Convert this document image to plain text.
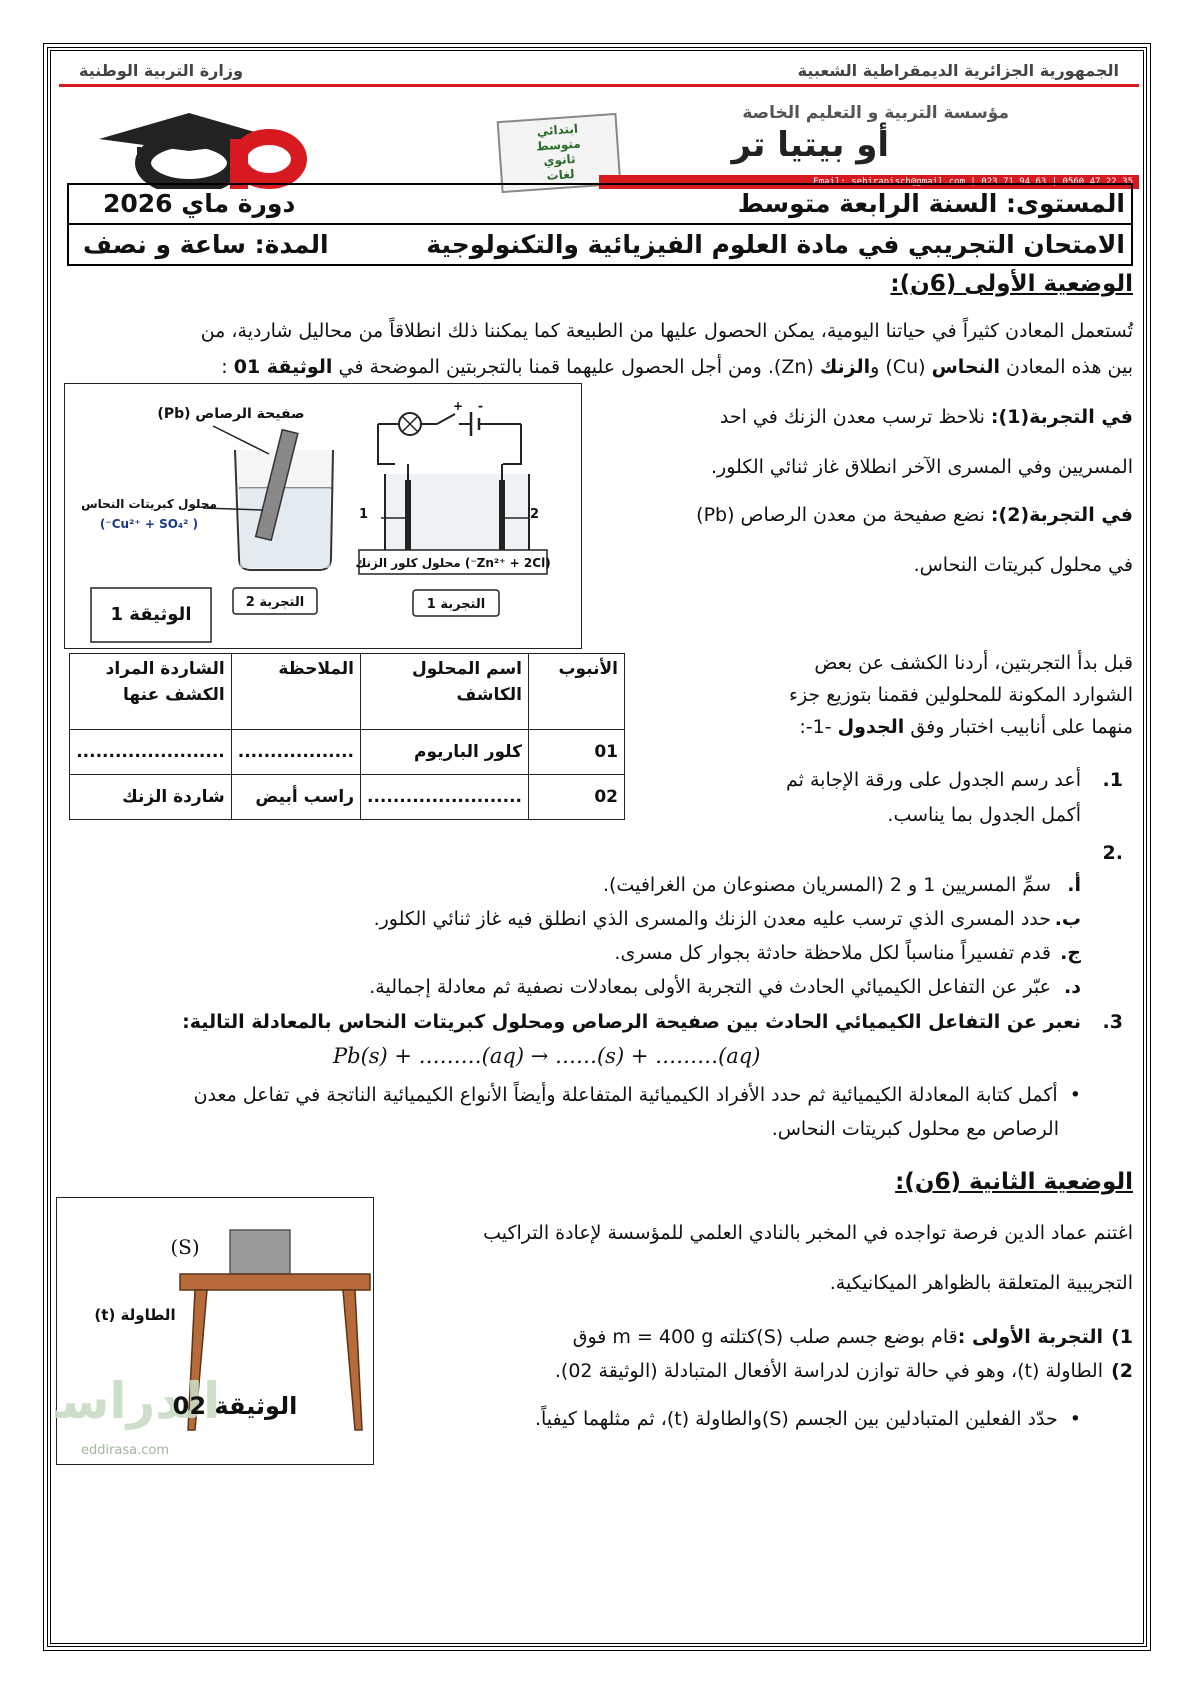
الجمهورية الجزائرية الديمقراطية الشعبية
وزارة التربية الوطنية
مؤسسة التربية و التعليم الخاصة
أو بيتيا تر
ابتدائي
متوسط
ثانوي
لغات	Email: sebiranisch@gmail.com | 023 71 94 63 | 0560 47 22 35
المستوى: السنة الرابعة متوسط
دورة ماي 2026
الامتحان التجريبي في مادة العلوم الفيزيائية والتكنولوجية
المدة: ساعة و نصف
الوضعية الأولى (6ن):
تُستعمل المعادن كثيراً في حياتنا اليومية، يمكن الحصول عليها من الطبيعة كما يمكننا ذلك انطلاقاً من محاليل شاردية، من
بين هذه المعادن النحاس (Cu) والزنك (Zn). ومن أجل الحصول عليهما قمنا بالتجربتين الموضحة في الوثيقة 01 :
في التجربة(1): نلاحظ ترسب معدن الزنك في احد
المسريين وفي المسرى الآخر انطلاق غاز ثنائي الكلور.
في التجربة(2): نضع صفيحة من معدن الرصاص (Pb)
في محلول كبريتات النحاس.
صفيحة الرصاص (Pb)
محلول كبريتات النحاس
( Cu²⁺ + SO₄²⁻)
+ -
1	2
(Zn²⁺ + 2Cl⁻) محلول كلور الزنك
التجربة 2	التجربة 1
الوثيقة 1
الأنبوب	اسم المحلول الكاشف	الملاحظة	الشاردة المراد الكشف عنها
01	كلور الباريوم	..................	.......................
02	........................	راسب أبيض	شاردة الزنك
قبل بدأ التجربتين، أردنا الكشف عن بعض
الشوارد المكونة للمحلولين فقمنا بتوزيع جزء
منهما على أنابيب اختبار وفق الجدول -1-:
1.
أعد رسم الجدول على ورقة الإجابة ثم
أكمل الجدول بما يناسب.
.2
أ.
سمِّ المسريين 1 و 2 (المسريان مصنوعان من الغرافيت).
ب.
حدد المسرى الذي ترسب عليه معدن الزنك والمسرى الذي انطلق فيه غاز ثنائي الكلور.
ج.
قدم تفسيراً مناسباً لكل ملاحظة حادثة بجوار كل مسرى.
د.
عبّر عن التفاعل الكيميائي الحادث في التجربة الأولى بمعادلات نصفية ثم معادلة إجمالية.
3.
نعبر عن التفاعل الكيميائي الحادث بين صفيحة الرصاص ومحلول كبريتات النحاس بالمعادلة التالية:
Pb(s) + ………(aq) → ……(s) + ………(aq)
•  أكمل كتابة المعادلة الكيميائية ثم حدد الأفراد الكيميائية المتفاعلة وأيضاً الأنواع الكيميائية الناتجة في تفاعل معدن
الرصاص مع محلول كبريتات النحاس.
الوضعية الثانية (6ن):
اغتنم عماد الدين فرصة تواجده في المخبر بالنادي العلمي للمؤسسة لإعادة التراكيب
التجريبية المتعلقة بالظواهر الميكانيكية.
1)
التجربة الأولى :قام بوضع جسم صلب (S)كتلته m = 400 g فوق
2)
الطاولة (t)، وهو في حالة توازن لدراسة الأفعال المتبادلة (الوثيقة 02).
•  حدّد الفعلين المتبادلين بين الجسم (S)والطاولة (t)، ثم مثلهما كيفياً.
(S)
الطاولة (t)
الدراس
eddirasa.com
الوثيقة 02
